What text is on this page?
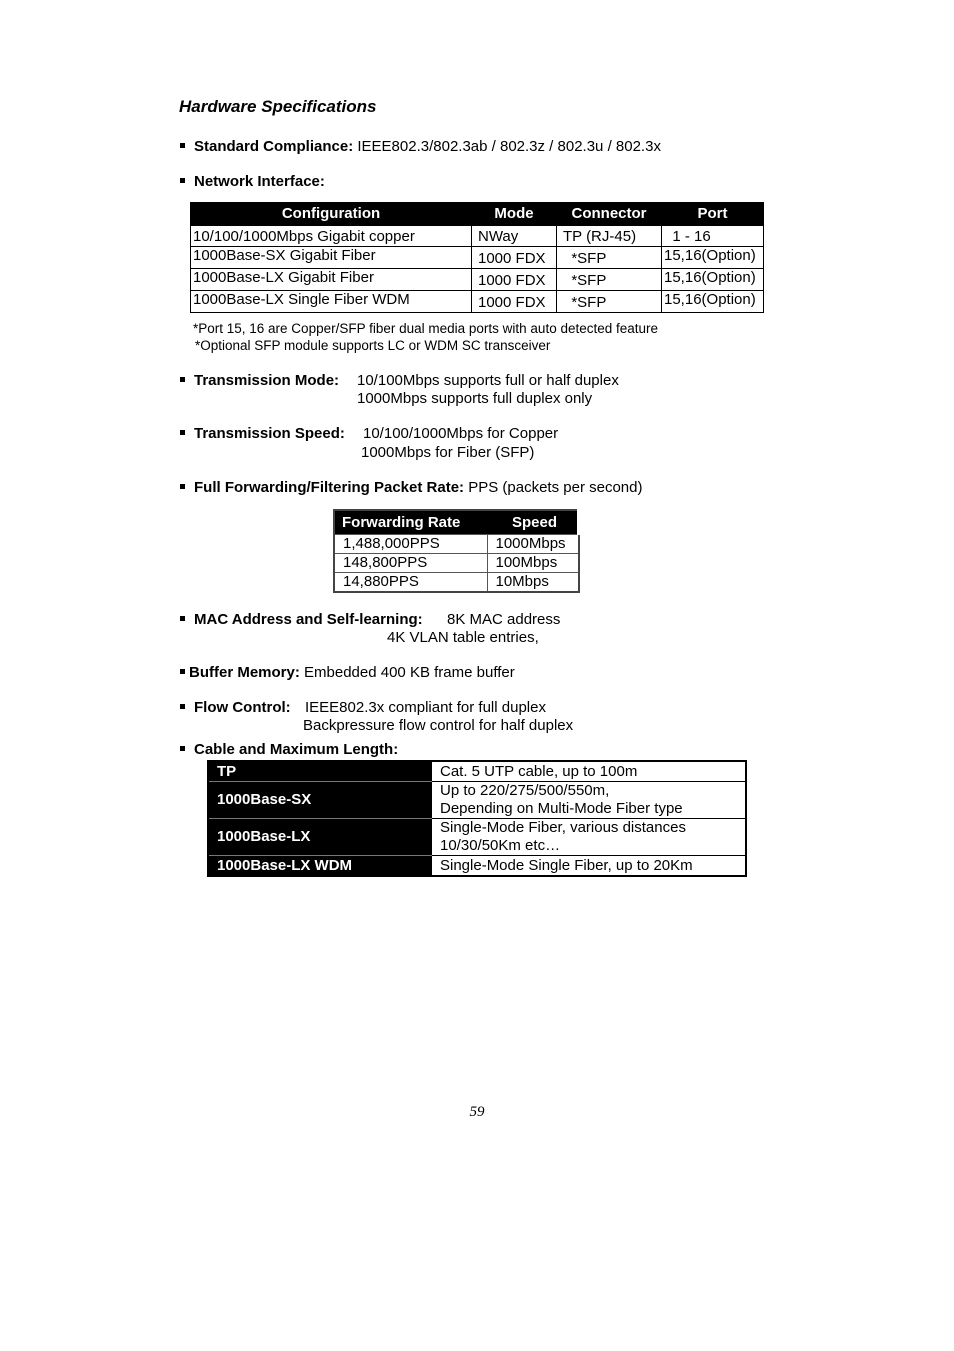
Hardware Specifications
Standard Compliance: IEEE802.3/802.3ab / 802.3z / 802.3u / 802.3x
Network Interface:
Configuration	Mode	Connector	Port
10/100/1000Mbps Gigabit copper	NWay	TP (RJ-45)	1 - 16
1000Base-SX Gigabit Fiber	1000 FDX	*SFP	15,16(Option)
1000Base-LX Gigabit Fiber	1000 FDX	*SFP	15,16(Option)
1000Base-LX Single Fiber WDM	1000 FDX	*SFP	15,16(Option)
*Port 15, 16 are Copper/SFP fiber dual media ports with auto detected feature
*Optional SFP module supports LC or WDM SC transceiver
Transmission Mode: 10/100Mbps supports full or half duplex
1000Mbps supports full duplex only
Transmission Speed: 10/100/1000Mbps for Copper
1000Mbps for Fiber (SFP)
Full Forwarding/Filtering Packet Rate: PPS (packets per second)
Forwarding Rate	Speed
1,488,000PPS	1000Mbps
148,800PPS	100Mbps
14,880PPS	10Mbps
MAC Address and Self-learning: 8K MAC address
4K VLAN table entries,
Buffer Memory: Embedded 400 KB frame buffer
Flow Control: IEEE802.3x compliant for full duplex
Backpressure flow control for half duplex
Cable and Maximum Length:
TP	Cat. 5 UTP cable, up to 100m
1000Base-SX	Up to 220/275/500/550m,
Depending on Multi-Mode Fiber type

1000Base-LX	Single-Mode Fiber, various distances
10/30/50Km etc…

1000Base-LX WDM	Single-Mode Single Fiber, up to 20Km
59
